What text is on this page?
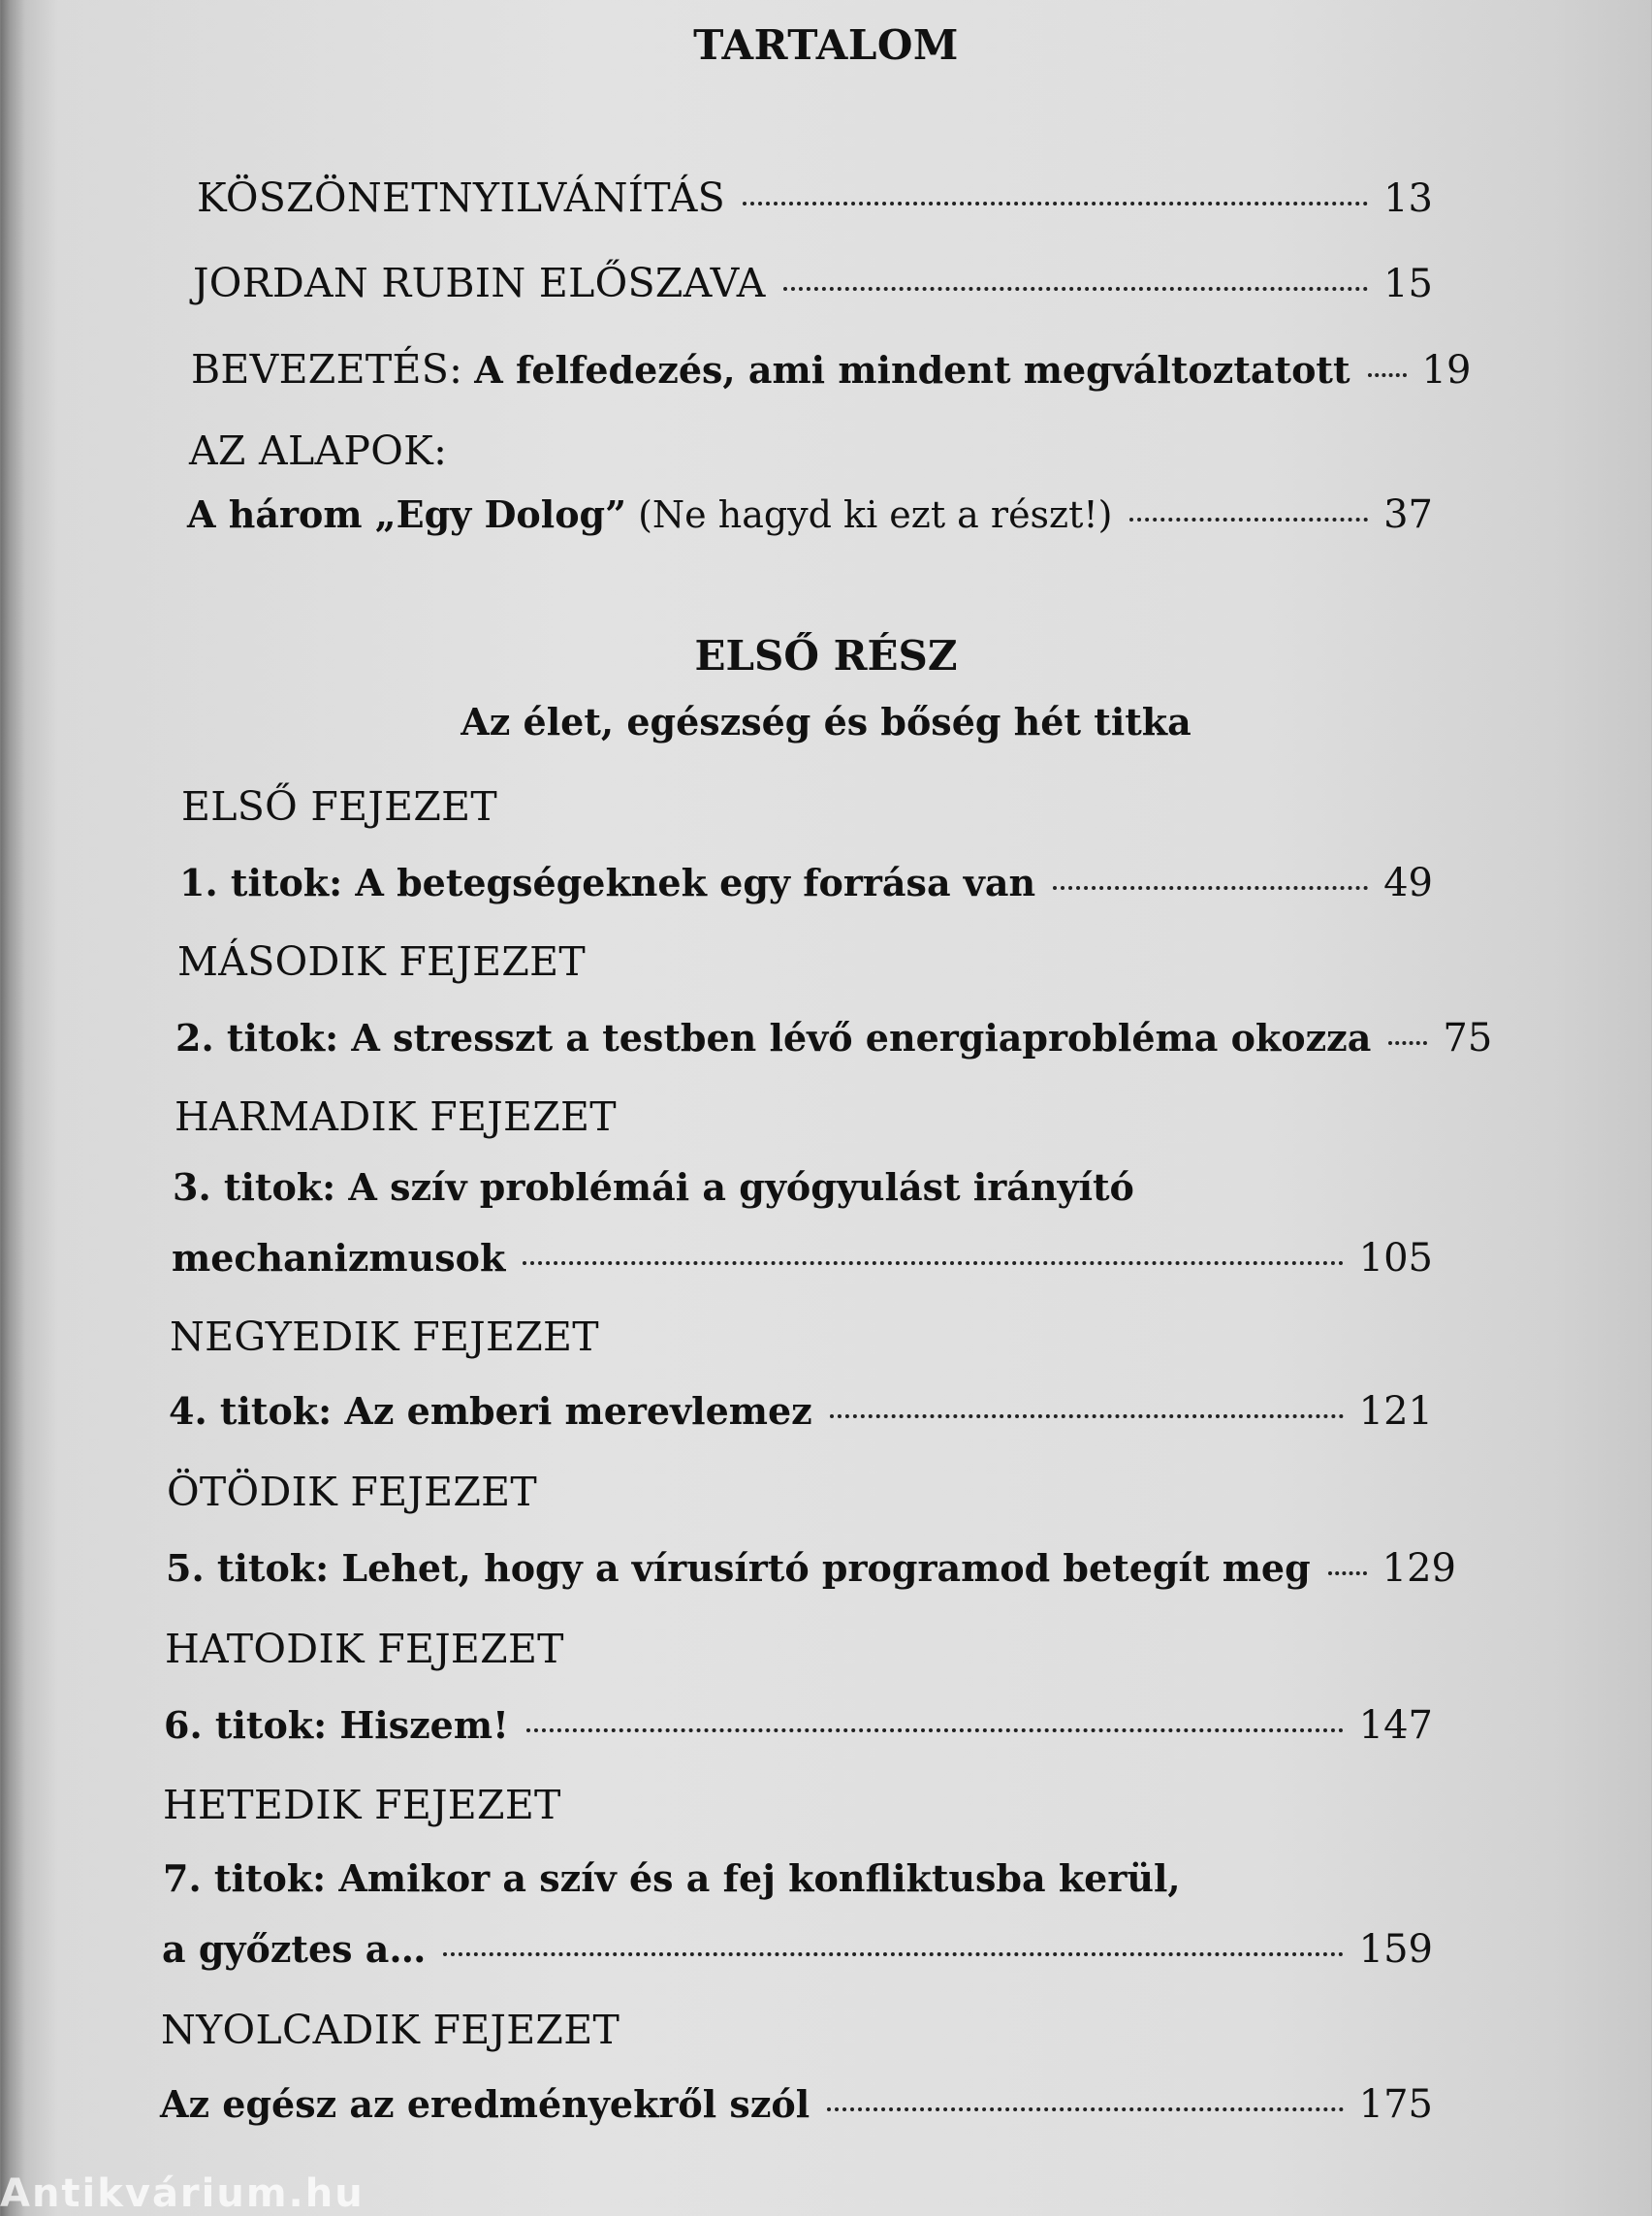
TARTALOM
KÖSZÖNETNYILVÁNÍTÁS	13
JORDAN RUBIN ELŐSZAVA	15
BEVEZETÉS: A felfedezés, ami mindent megváltoztatott 19
AZ ALAPOK:
A három „Egy Dolog” (Ne hagyd ki ezt a részt!)	37
ELSŐ RÉSZ
Az élet, egészség és bőség hét titka
ELSŐ FEJEZET
1. titok: A betegségeknek egy forrása van	49
MÁSODIK FEJEZET
2. titok: A stresszt a testben lévő energiaprobléma okozza 75
HARMADIK FEJEZET
3. titok: A szív problémái a gyógyulást irányító
mechanizmusok	105
NEGYEDIK FEJEZET
4. titok: Az emberi merevlemez	121
ÖTÖDIK FEJEZET
5. titok: Lehet, hogy a vírusírtó programod betegít meg 129
HATODIK FEJEZET
6. titok: Hiszem!	147
HETEDIK FEJEZET
7. titok: Amikor a szív és a fej konfliktusba kerül,
a győztes a…	159
NYOLCADIK FEJEZET
Az egész az eredményekről szól	175
Antikvárium.hu
